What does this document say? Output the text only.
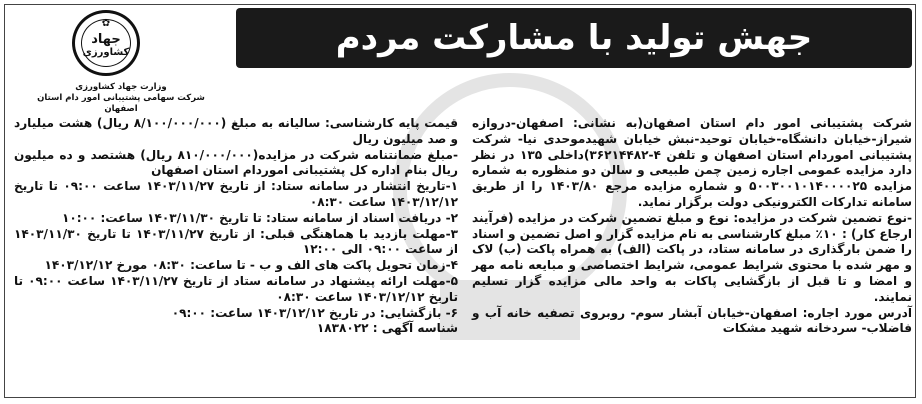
جهش تولید با مشارکت مردم
✿
جهاد
کشاورزی
وزارت جهاد کشاورزی
شرکت سهامی پشتیبانی امور دام استان اصفهان

شرکت پشتیبانی امور دام استان اصفهان(به نشانی: اصفهان-دروازه شیراز-خیابان دانشگاه-خیابان توحید-نبش خیابان شهیدموحدی نیا- شرکت پشتیبانی اموردام استان اصفهان و تلفن ۴-۳۶۲۱۴۴۸۲)داخلی ۱۳۵ در نظر دارد مزایده عمومی اجاره زمین چمن طبیعی و سالن دو منظوره به شماره مزایده ۵۰۰۳۰۰۱۰۱۴۰۰۰۰۲۵ و شماره مزایده مرجع ۱۴۰۳/۸۰ را از طریق سامانه تدارکات الکترونیکی دولت برگزار نماید.

-نوع تضمین شرکت در مزایده: نوع و مبلغ تضمین شرکت در مزایده (فرآیند ارجاع کار) : ۱۰٪ مبلغ کارشناسی به نام مزایده گزار و اصل تضمین و اسناد را ضمن بارگذاری در سامانه ستاد، در پاکت (الف) به همراه پاکت (ب) لاک و مهر شده با محتوی شرایط عمومی، شرایط اختصاصی و مبایعه نامه مهر و امضا و تا قبل از بازگشایی پاکات به واحد مالی مزایده گزار تسلیم نمایند.

آدرس مورد اجاره: اصفهان-خیابان آبشار سوم- روبروی تصفیه خانه آب و فاضلاب- سردخانه شهید مشکات

قیمت پایه کارشناسی: سالیانه به مبلغ (۸/۱۰۰/۰۰۰/۰۰۰ ریال) هشت میلیارد و صد میلیون ریال

-مبلغ ضمانتنامه شرکت در مزایده(۸۱۰/۰۰۰/۰۰۰ ریال) هشتصد و ده میلیون ریال بنام اداره کل پشتیبانی اموردام استان اصفهان

۱-تاریخ انتشار در سامانه ستاد: از تاریخ ۱۴۰۳/۱۱/۲۷ ساعت ۰۹:۰۰ تا تاریخ ۱۴۰۳/۱۲/۱۲ ساعت ۰۸:۳۰

۲- دریافت اسناد از سامانه ستاد: تا تاریخ ۱۴۰۳/۱۱/۳۰ ساعت: ۱۰:۰۰

۳-مهلت بازدید با هماهنگی قبلی: از تاریخ ۱۴۰۳/۱۱/۲۷ تا تاریخ ۱۴۰۳/۱۱/۳۰ از ساعت ۰۹:۰۰ الی ۱۲:۰۰

۴-زمان تحویل پاکت های الف و ب - تا ساعت: ۰۸:۳۰ مورخ ۱۴۰۳/۱۲/۱۲

۵-مهلت ارائه پیشنهاد در سامانه ستاد از تاریخ ۱۴۰۳/۱۱/۲۷ ساعت ۰۹:۰۰ تا تاریخ ۱۴۰۳/۱۲/۱۲ ساعت ۰۸:۳۰

۶- بازگشایی: در تاریخ ۱۴۰۳/۱۲/۱۲ ساعت: ۰۹:۰۰

شناسه آگهی : ۱۸۳۸۰۲۲
